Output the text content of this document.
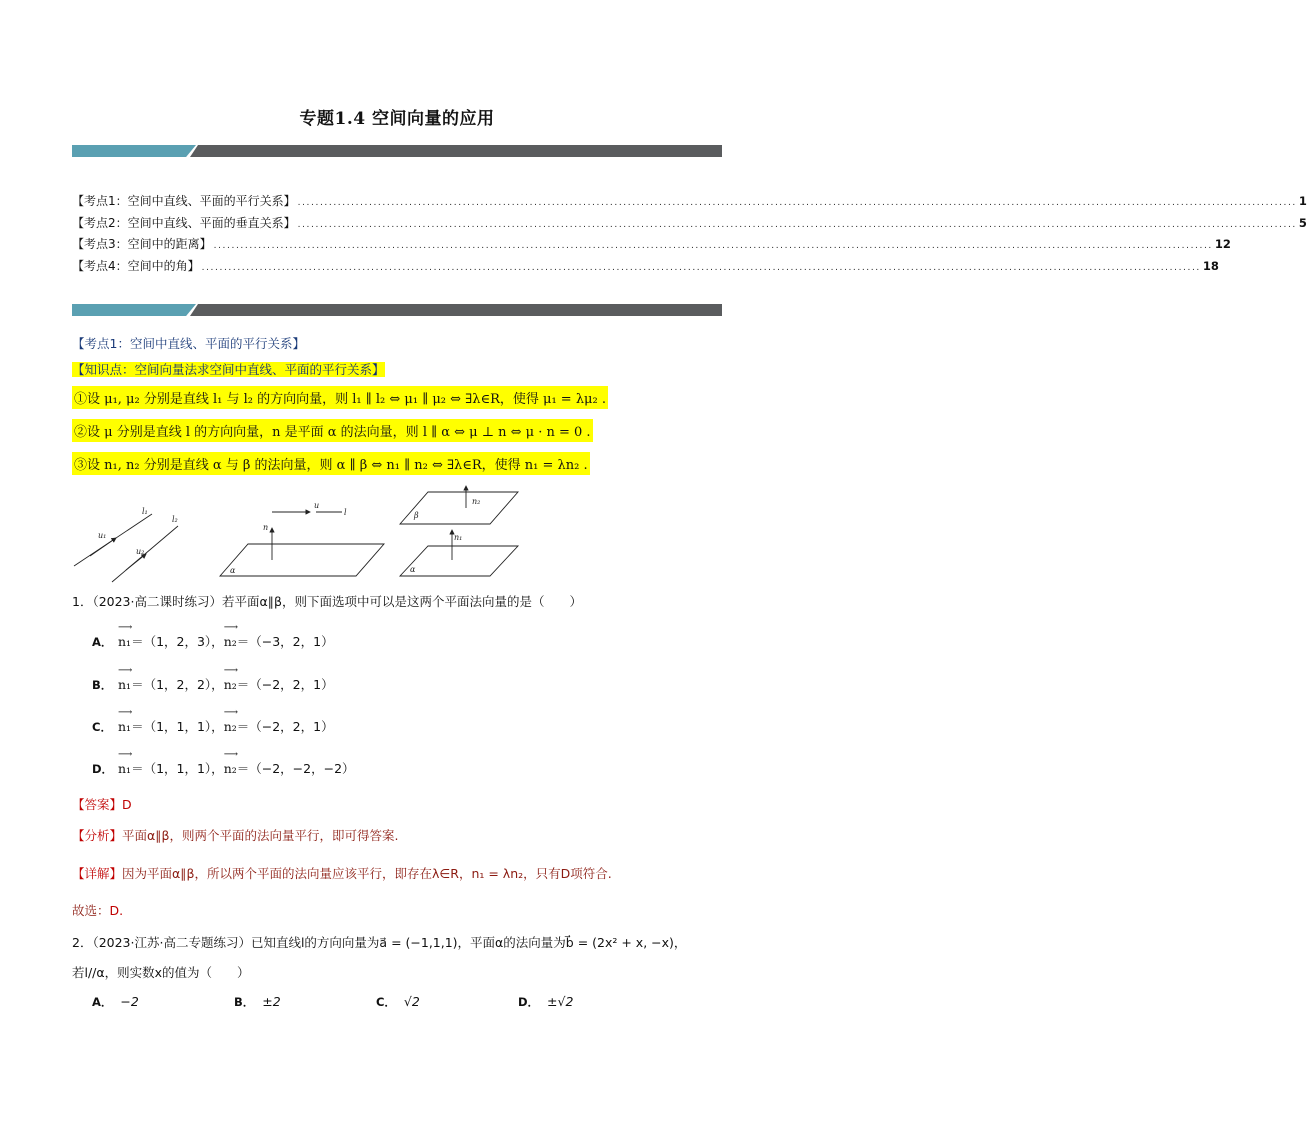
专题1.4 空间向量的应用
【考点1：空间中直线、平面的平行关系】 ................................................................................................................................................................................................................................ 1
【考点2：空间中直线、平面的垂直关系】 ................................................................................................................................................................................................................................ 5
【考点3：空间中的距离】 ................................................................................................................................................................................................................................ 12
【考点4：空间中的角】 ................................................................................................................................................................................................................................ 18
【考点1：空间中直线、平面的平行关系】
【知识点：空间向量法求空间中直线、平面的平行关系】
①设 μ₁, μ₂ 分别是直线 l₁ 与 l₂ 的方向向量，则 l₁ ∥ l₂ ⇔ μ₁ ∥ μ₂ ⇔ ∃λ∈R，使得 μ₁ = λμ₂ .
②设 μ 分别是直线 l 的方向向量，n 是平面 α 的法向量，则 l ∥ α ⇔ μ ⊥ n ⇔ μ · n = 0 .
③设 n₁, n₂ 分别是直线 α 与 β 的法向量，则 α ∥ β ⇔ n₁ ∥ n₂ ⇔ ∃λ∈R，使得 n₁ = λn₂ .
l₁
l₂
u₁
u₂
u
l
n
α
n₂
β
n₁
α
1．（2023·高二课时练习）若平面α∥β，则下面选项中可以是这两个平面法向量的是（　　）
A． ⟶ n₁＝（1，2，3），⟶ n₂＝（−3，2，1）
B． ⟶ n₁＝（1，2，2），⟶ n₂＝（−2，2，1）
C． ⟶ n₁＝（1，1，1），⟶ n₂＝（−2，2，1）
D． ⟶ n₁＝（1，1，1），⟶ n₂＝（−2，−2，−2）
【答案】D
【分析】平面α∥β，则两个平面的法向量平行，即可得答案.
【详解】因为平面α∥β，所以两个平面的法向量应该平行，即存在λ∈R，n₁ = λn₂，只有D项符合.
故选：D.
2．（2023·江苏·高二专题练习）已知直线l的方向向量为a⃗ = (−1,1,1)，平面α的法向量为b⃗ = (2x² + x, −x)，
若l//α，则实数x的值为（　　）
A． −2	B． ±2	C． √2	D． ±√2
